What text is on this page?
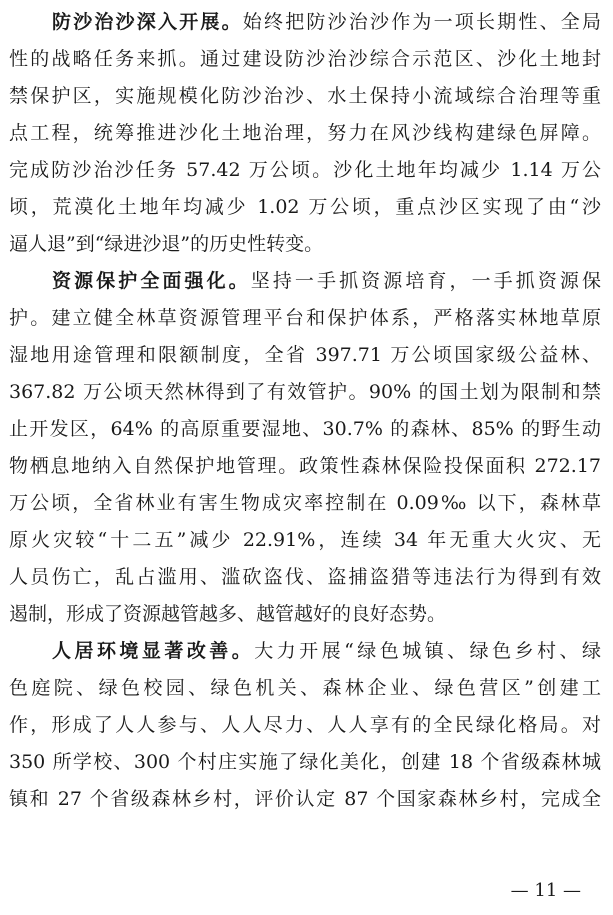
防沙治沙深入开展。始终把防沙治沙作为一项长期性、全局
性的战略任务来抓。通过建设防沙治沙综合示范区、沙化土地封
禁保护区，实施规模化防沙治沙、水土保持小流域综合治理等重
点工程，统筹推进沙化土地治理，努力在风沙线构建绿色屏障。
完成防沙治沙任务 57.42 万公顷。沙化土地年均减少 1.14 万公
顷，荒漠化土地年均减少 1.02 万公顷，重点沙区实现了由“沙
逼人退”到“绿进沙退”的历史性转变。
资源保护全面强化。坚持一手抓资源培育，一手抓资源保
护。建立健全林草资源管理平台和保护体系，严格落实林地草原
湿地用途管理和限额制度，全省 397.71 万公顷国家级公益林、
367.82 万公顷天然林得到了有效管护。90% 的国土划为限制和禁
止开发区，64% 的高原重要湿地、30.7% 的森林、85% 的野生动
物栖息地纳入自然保护地管理。政策性森林保险投保面积 272.17
万公顷，全省林业有害生物成灾率控制在 0.09‰ 以下，森林草
原火灾较“十二五”减少 22.91%，连续 34 年无重大火灾、无
人员伤亡，乱占滥用、滥砍盗伐、盗捕盗猎等违法行为得到有效
遏制，形成了资源越管越多、越管越好的良好态势。
人居环境显著改善。大力开展“绿色城镇、绿色乡村、绿
色庭院、绿色校园、绿色机关、森林企业、绿色营区”创建工
作，形成了人人参与、人人尽力、人人享有的全民绿化格局。对
350 所学校、300 个村庄实施了绿化美化，创建 18 个省级森林城
镇和 27 个省级森林乡村，评价认定 87 个国家森林乡村，完成全
— 11 —
